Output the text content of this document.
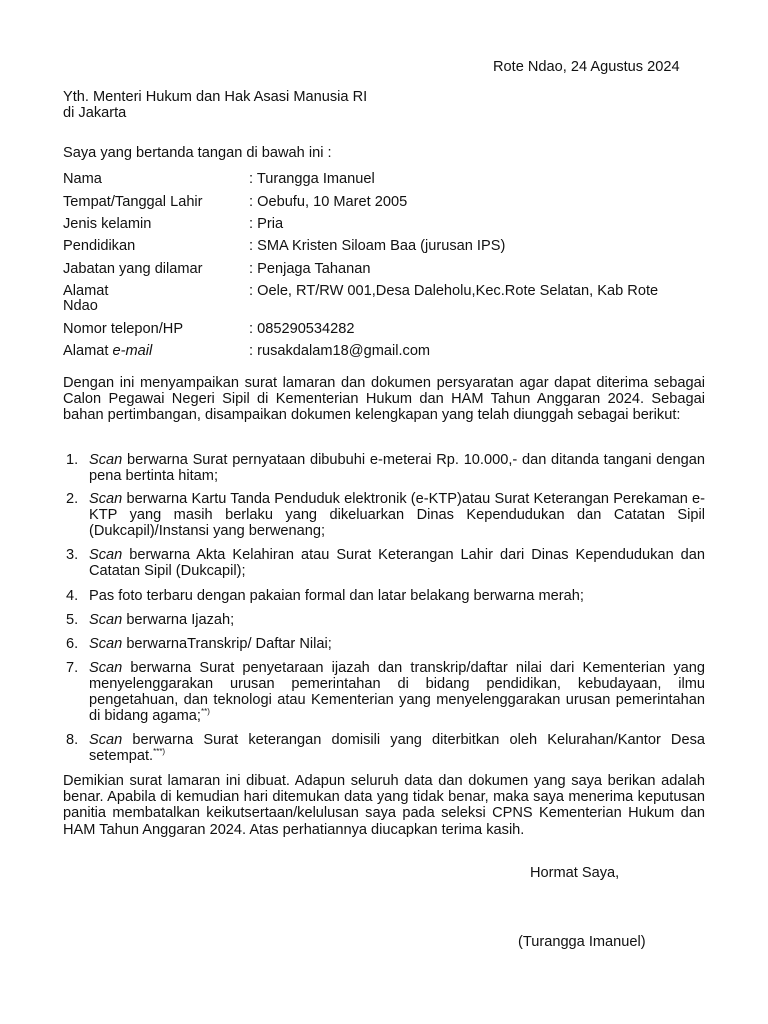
Rote Ndao, 24 Agustus 2024
Yth. Menteri Hukum dan Hak Asasi Manusia RI
di Jakarta
Saya yang bertanda tangan di bawah ini :
Nama	: Turangga Imanuel
Tempat/Tanggal Lahir	: Oebufu, 10 Maret 2005
Jenis kelamin	: Pria
Pendidikan	: SMA Kristen Siloam Baa (jurusan IPS)
Jabatan yang dilamar	: Penjaga Tahanan
Alamat	: Oele, RT/RW 001,Desa Daleholu,Kec.Rote Selatan, Kab Rote
Ndao
Nomor telepon/HP	: 085290534282
Alamat e-mail	: rusakdalam18@gmail.com
Dengan ini menyampaikan surat lamaran dan dokumen persyaratan agar dapat diterima sebagai Calon Pegawai Negeri Sipil di Kementerian Hukum dan HAM Tahun Anggaran 2024. Sebagai bahan pertimbangan, disampaikan dokumen kelengkapan yang telah diunggah sebagai berikut:
1. Scan berwarna Surat pernyataan dibubuhi e-meterai Rp. 10.000,- dan ditanda tangani dengan pena bertinta hitam;
2. Scan berwarna Kartu Tanda Penduduk elektronik (e-KTP)atau Surat Keterangan Perekaman e-KTP yang masih berlaku yang dikeluarkan Dinas Kependudukan dan Catatan Sipil (Dukcapil)/Instansi yang berwenang;
3. Scan berwarna Akta Kelahiran atau Surat Keterangan Lahir dari Dinas Kependudukan dan Catatan Sipil (Dukcapil);
4. Pas foto terbaru dengan pakaian formal dan latar belakang berwarna merah;
5. Scan berwarna Ijazah;
6. Scan berwarnaTranskrip/ Daftar Nilai;
7. Scan berwarna Surat penyetaraan ijazah dan transkrip/daftar nilai dari Kementerian yang menyelenggarakan urusan pemerintahan di bidang pendidikan, kebudayaan, ilmu pengetahuan, dan teknologi atau Kementerian yang menyelenggarakan urusan pemerintahan di bidang agama;**)
8. Scan berwarna Surat keterangan domisili yang diterbitkan oleh Kelurahan/Kantor Desa setempat.***)
Demikian surat lamaran ini dibuat. Adapun seluruh data dan dokumen yang saya berikan adalah benar. Apabila di kemudian hari ditemukan data yang tidak benar, maka saya menerima keputusan panitia membatalkan keikutsertaan/kelulusan saya pada seleksi CPNS Kementerian Hukum dan HAM Tahun Anggaran 2024. Atas perhatiannya diucapkan terima kasih.
Hormat Saya,
(Turangga Imanuel)
